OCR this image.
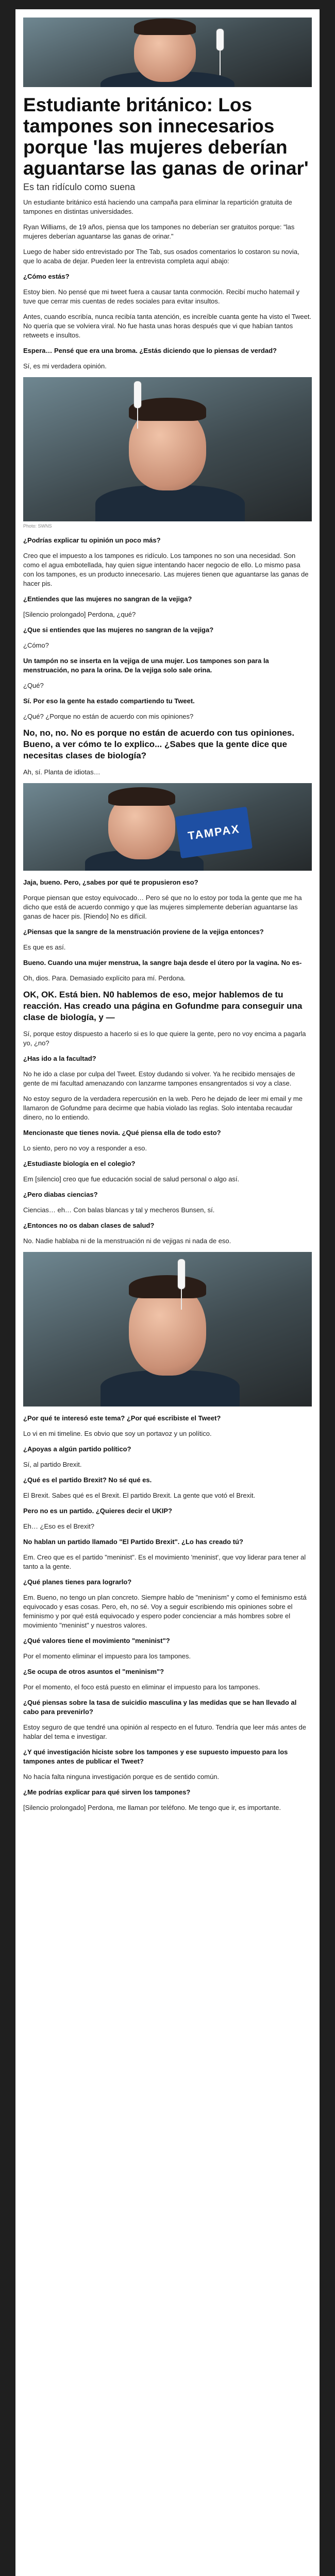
Estudiante británico: Los tampones son innecesarios porque 'las mujeres deberían aguantarse las ganas de orinar'
Es tan ridículo como suena
Un estudiante británico está haciendo una campaña para eliminar la repartición gratuita de tampones en distintas universidades.
Ryan Williams, de 19 años, piensa que los tampones no deberían ser gratuitos porque: "las mujeres deberían aguantarse las ganas de orinar."
Luego de haber sido entrevistado por The Tab, sus osados comentarios lo costaron su novia, que lo acaba de dejar. Pueden leer la entrevista completa aquí abajo:
¿Cómo estás?
Estoy bien. No pensé que mi tweet fuera a causar tanta conmoción. Recibí mucho hatemail y tuve que cerrar mis cuentas de redes sociales para evitar insultos.
Antes, cuando escribía, nunca recibía tanta atención, es increíble cuanta gente ha visto el Tweet. No quería que se volviera viral. No fue hasta unas horas después que vi que habían tantos retweets e insultos.
Espera… Pensé que era una broma. ¿Estás diciendo que lo piensas de verdad?
Sí, es mi verdadera opinión.
Photo: SWNS
¿Podrías explicar tu opinión un poco más?
Creo que el impuesto a los tampones es ridículo. Los tampones no son una necesidad. Son como el agua embotellada, hay quien sigue intentando hacer negocio de ello. Lo mismo pasa con los tampones, es un producto innecesario. Las mujeres tienen que aguantarse las ganas de hacer pis.
¿Entiendes que las mujeres no sangran de la vejiga?
[Silencio prolongado] Perdona, ¿qué?
¿Que si entiendes que las mujeres no sangran de la vejiga?
¿Cómo?
Un tampón no se inserta en la vejiga de una mujer. Los tampones son para la menstruación, no para la orina. De la vejiga solo sale orina.
¿Qué?
Sí. Por eso la gente ha estado compartiendo tu Tweet.
¿Qué? ¿Porque no están de acuerdo con mis opiniones?
No, no, no. No es porque no están de acuerdo con tus opiniones. Bueno, a ver cómo te lo explico... ¿Sabes que la gente dice que necesitas clases de biología?
Ah, sí. Planta de idiotas…
TAMPAX
Jaja, bueno. Pero, ¿sabes por qué te propusieron eso?
Porque piensan que estoy equivocado… Pero sé que no lo estoy por toda la gente que me ha dicho que está de acuerdo conmigo y que las mujeres simplemente deberían aguantarse las ganas de hacer pis. [Riendo] No es difícil.
¿Piensas que la sangre de la menstruación proviene de la vejiga entonces?
Es que es así.
Bueno. Cuando una mujer menstrua, la sangre baja desde el útero por la vagina. No es-
Oh, dios. Para. Demasiado explícito para mí. Perdona.
OK, OK. Está bien. N0 hablemos de eso, mejor hablemos de tu reacción. Has creado una página en Gofundme para conseguir una clase de biología, y —
Sí, porque estoy dispuesto a hacerlo si es lo que quiere la gente, pero no voy encima a pagarla yo, ¿no?
¿Has ido a la facultad?
No he ido a clase por culpa del Tweet. Estoy dudando si volver. Ya he recibido mensajes de gente de mi facultad amenazando con lanzarme tampones ensangrentados si voy a clase.
No estoy seguro de la verdadera repercusión en la web. Pero he dejado de leer mi email y me llamaron de Gofundme para decirme que había violado las reglas. Solo intentaba recaudar dinero, no lo entiendo.
Mencionaste que tienes novia. ¿Qué piensa ella de todo esto?
Lo siento, pero no voy a responder a eso.
¿Estudiaste biología en el colegio?
Em [silencio] creo que fue educación social de salud personal o algo así.
¿Pero diabas ciencias?
Ciencias… eh… Con balas blancas y tal y mecheros Bunsen, sí.
¿Entonces no os daban clases de salud?
No. Nadie hablaba ni de la menstruación ni de vejigas ni nada de eso.
¿Por qué te interesó este tema? ¿Por qué escribiste el Tweet?
Lo vi en mi timeline. Es obvio que soy un portavoz y un político.
¿Apoyas a algún partido político?
Sí, al partido Brexit.
¿Qué es el partido Brexit? No sé qué es.
El Brexit. Sabes qué es el Brexit. El partido Brexit. La gente que votó el Brexit.
Pero no es un partido. ¿Quieres decir el UKIP?
Eh… ¿Eso es el Brexit?
No hablan un partido llamado "El Partido Brexit". ¿Lo has creado tú?
Em. Creo que es el partido "meninist". Es el movimiento 'meninist', que voy liderar para tener al tanto a la gente.
¿Qué planes tienes para lograrlo?
Em. Bueno, no tengo un plan concreto. Siempre hablo de "meninism" y como el feminismo está equivocado y esas cosas. Pero, eh, no sé. Voy a seguir escribiendo mis opiniones sobre el feminismo y por qué está equivocado y espero poder concienciar a más hombres sobre el movimiento "meninist" y nuestros valores.
¿Qué valores tiene el movimiento "meninist"?
Por el momento eliminar el impuesto para los tampones.
¿Se ocupa de otros asuntos el "meninism"?
Por el momento, el foco está puesto en eliminar el impuesto para los tampones.
¿Qué piensas sobre la tasa de suicidio masculina y las medidas que se han llevado al cabo para prevenirlo?
Estoy seguro de que tendré una opinión al respecto en el futuro. Tendría que leer más antes de hablar del tema e investigar.
¿Y qué investigación hiciste sobre los tampones y ese supuesto impuesto para los tampones antes de publicar el Tweet?
No hacía falta ninguna investigación porque es de sentido común.
¿Me podrías explicar para qué sirven los tampones?
[Silencio prolongado] Perdona, me llaman por teléfono. Me tengo que ir, es importante.
